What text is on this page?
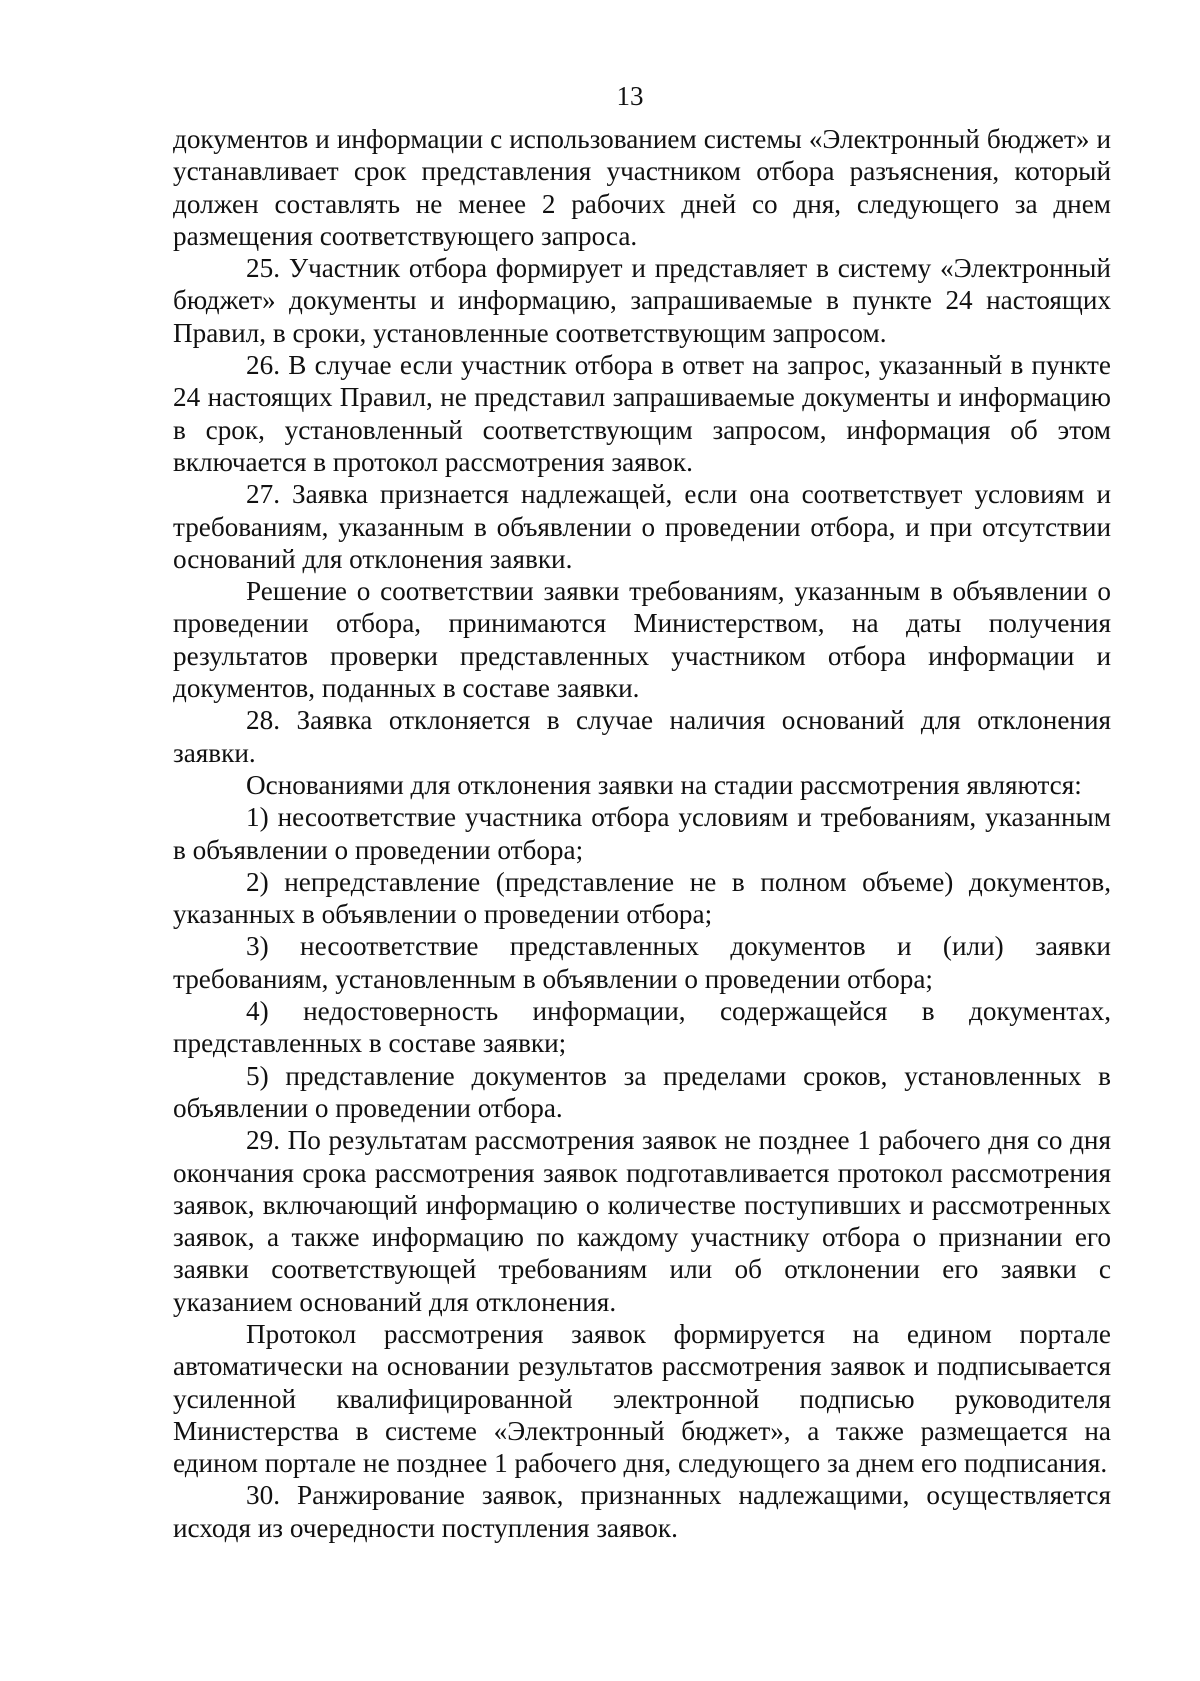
13

документов и информации с использованием системы «Электронный бюджет» и устанавливает срок представления участником отбора разъяснения, который должен составлять не менее 2 рабочих дней со дня, следующего за днем размещения соответствующего запроса.

25. Участник отбора формирует и представляет в систему «Электронный бюджет» документы и информацию, запрашиваемые в пункте 24 настоящих Правил, в сроки, установленные соответствующим запросом.

26. В случае если участник отбора в ответ на запрос, указанный в пункте 24 настоящих Правил, не представил запрашиваемые документы и информацию в срок, установленный соответствующим запросом, информация об этом включается в протокол рассмотрения заявок.

27. Заявка признается надлежащей, если она соответствует условиям и требованиям, указанным в объявлении о проведении отбора, и при отсутствии оснований для отклонения заявки.

Решение о соответствии заявки требованиям, указанным в объявлении о проведении отбора, принимаются Министерством, на даты получения результатов проверки представленных участником отбора информации и документов, поданных в составе заявки.

28. Заявка отклоняется в случае наличия оснований для отклонения заявки.

Основаниями для отклонения заявки на стадии рассмотрения являются:

1) несоответствие участника отбора условиям и требованиям, указанным в объявлении о проведении отбора;

2) непредставление (представление не в полном объеме) документов, указанных в объявлении о проведении отбора;

3) несоответствие представленных документов и (или) заявки требованиям, установленным в объявлении о проведении отбора;

4) недостоверность информации, содержащейся в документах, представленных в составе заявки;

5) представление документов за пределами сроков, установленных в объявлении о проведении отбора.

29. По результатам рассмотрения заявок не позднее 1 рабочего дня со дня окончания срока рассмотрения заявок подготавливается протокол рассмотрения заявок, включающий информацию о количестве поступивших и рассмотренных заявок, а также информацию по каждому участнику отбора о признании его заявки соответствующей требованиям или об отклонении его заявки с указанием оснований для отклонения.

Протокол рассмотрения заявок формируется на едином портале автоматически на основании результатов рассмотрения заявок и подписывается усиленной квалифицированной электронной подписью руководителя Министерства в системе «Электронный бюджет», а также размещается на едином портале не позднее 1 рабочего дня, следующего за днем его подписания.

30. Ранжирование заявок, признанных надлежащими, осуществляется исходя из очередности поступления заявок.
